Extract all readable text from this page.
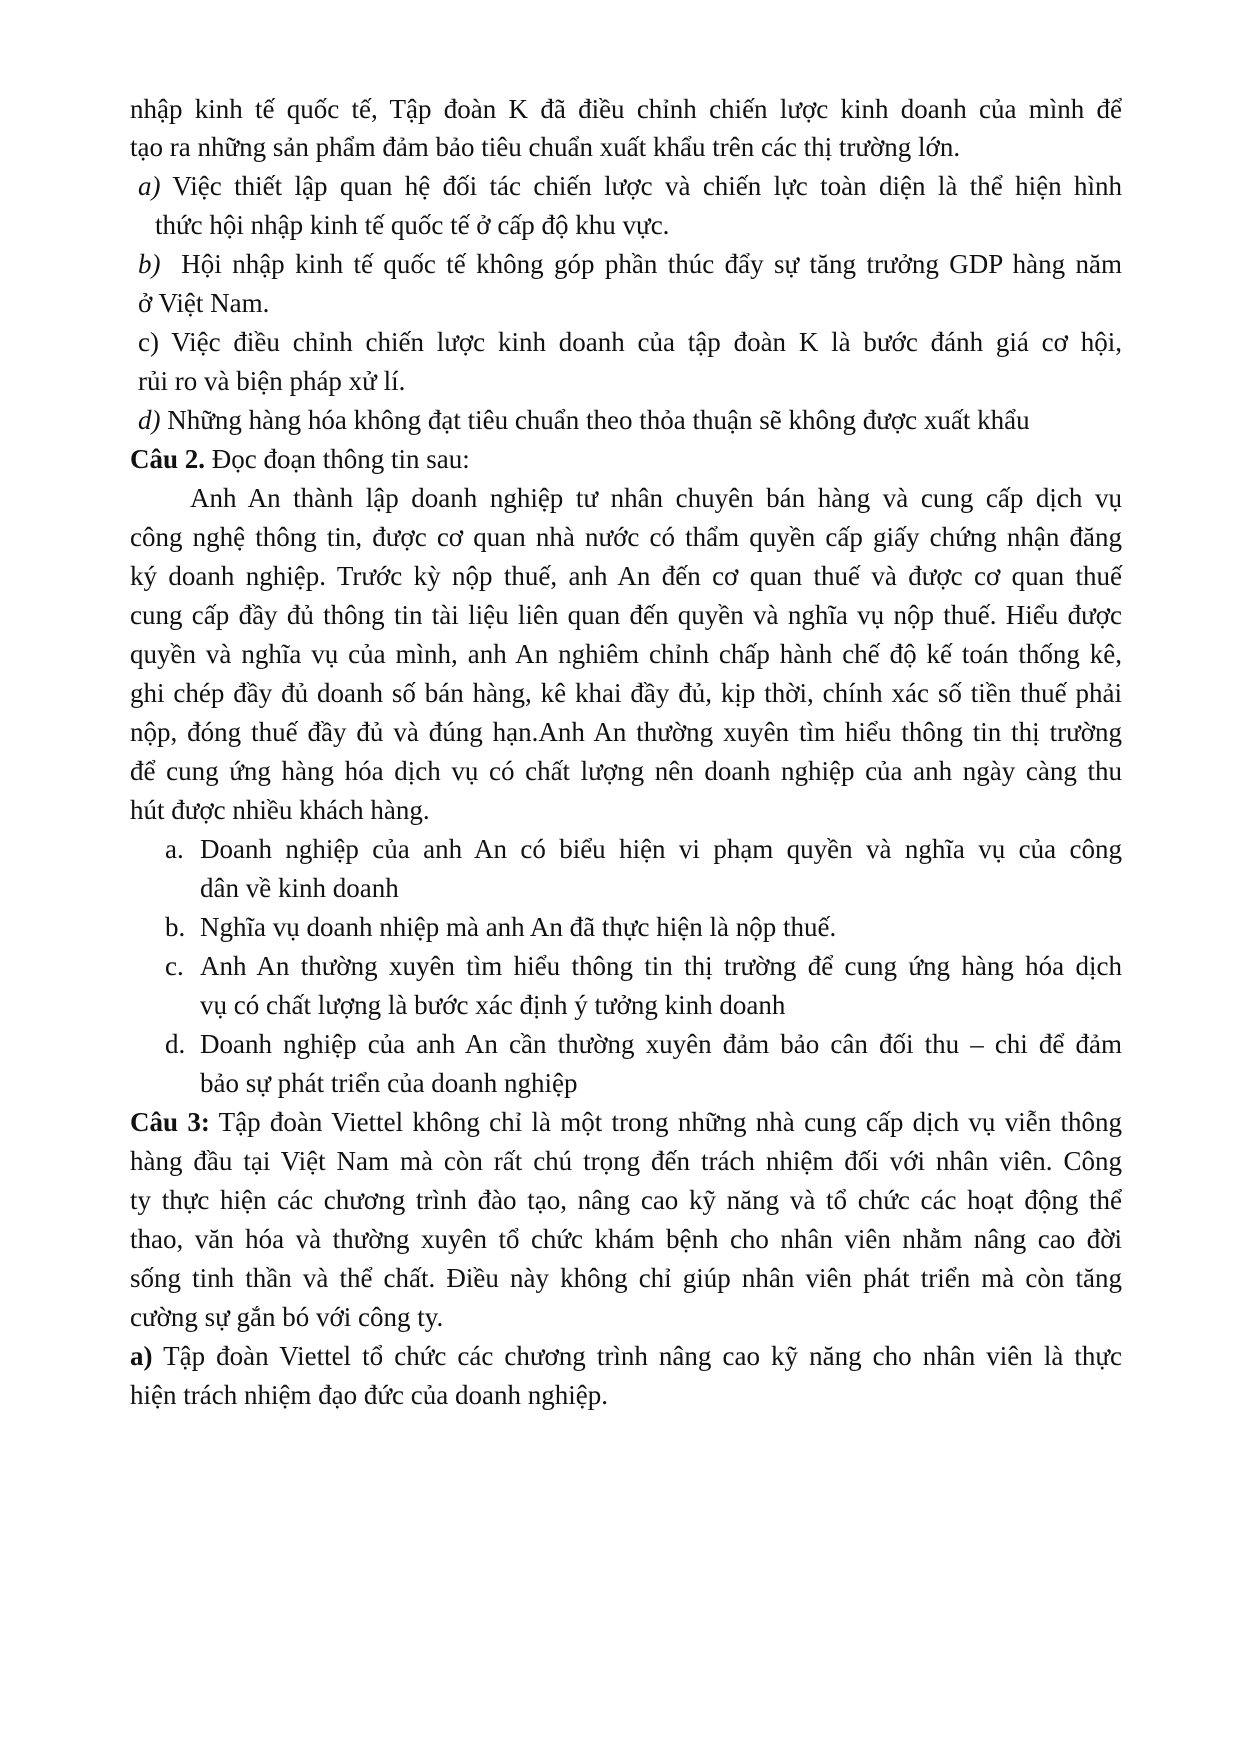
nhập kinh tế quốc tế, Tập đoàn K đã điều chỉnh chiến lược kinh doanh của mình để
tạo ra những sản phẩm đảm bảo tiêu chuẩn xuất khẩu trên các thị trường lớn.
a) Việc thiết lập quan hệ đối tác chiến lược và chiến lực toàn diện là thể hiện hình
thức hội nhập kinh tế quốc tế ở cấp độ khu vực.
b) Hội nhập kinh tế quốc tế không góp phần thúc đẩy sự tăng trưởng GDP hàng năm
ở Việt Nam.
c) Việc điều chỉnh chiến lược kinh doanh của tập đoàn K là bước đánh giá cơ hội,
rủi ro và biện pháp xử lí.
d) Những hàng hóa không đạt tiêu chuẩn theo thỏa thuận sẽ không được xuất khẩu
Câu 2. Đọc đoạn thông tin sau:
Anh An thành lập doanh nghiệp tư nhân chuyên bán hàng và cung cấp dịch vụ
công nghệ thông tin, được cơ quan nhà nước có thẩm quyền cấp giấy chứng nhận đăng
ký doanh nghiệp. Trước kỳ nộp thuế, anh An đến cơ quan thuế và được cơ quan thuế
cung cấp đầy đủ thông tin tài liệu liên quan đến quyền và nghĩa vụ nộp thuế. Hiểu được
quyền và nghĩa vụ của mình, anh An nghiêm chỉnh chấp hành chế độ kế toán thống kê,
ghi chép đầy đủ doanh số bán hàng, kê khai đầy đủ, kịp thời, chính xác số tiền thuế phải
nộp, đóng thuế đầy đủ và đúng hạn.Anh An thường xuyên tìm hiểu thông tin thị trường
để cung ứng hàng hóa dịch vụ có chất lượng nên doanh nghiệp của anh ngày càng thu
hút được nhiều khách hàng.
a. Doanh nghiệp của anh An có biểu hiện vi phạm quyền và nghĩa vụ của công
dân về kinh doanh
b. Nghĩa vụ doanh nhiệp mà anh An đã thực hiện là nộp thuế.
c. Anh An thường xuyên tìm hiểu thông tin thị trường để cung ứng hàng hóa dịch
vụ có chất lượng là bước xác định ý tưởng kinh doanh
d. Doanh nghiệp của anh An cần thường xuyên đảm bảo cân đối thu – chi để đảm
bảo sự phát triển của doanh nghiệp
Câu 3: Tập đoàn Viettel không chỉ là một trong những nhà cung cấp dịch vụ viễn thông
hàng đầu tại Việt Nam mà còn rất chú trọng đến trách nhiệm đối với nhân viên. Công
ty thực hiện các chương trình đào tạo, nâng cao kỹ năng và tổ chức các hoạt động thể
thao, văn hóa và thường xuyên tổ chức khám bệnh cho nhân viên nhằm nâng cao đời
sống tinh thần và thể chất. Điều này không chỉ giúp nhân viên phát triển mà còn tăng
cường sự gắn bó với công ty.
a) Tập đoàn Viettel tổ chức các chương trình nâng cao kỹ năng cho nhân viên là thực
hiện trách nhiệm đạo đức của doanh nghiệp.
